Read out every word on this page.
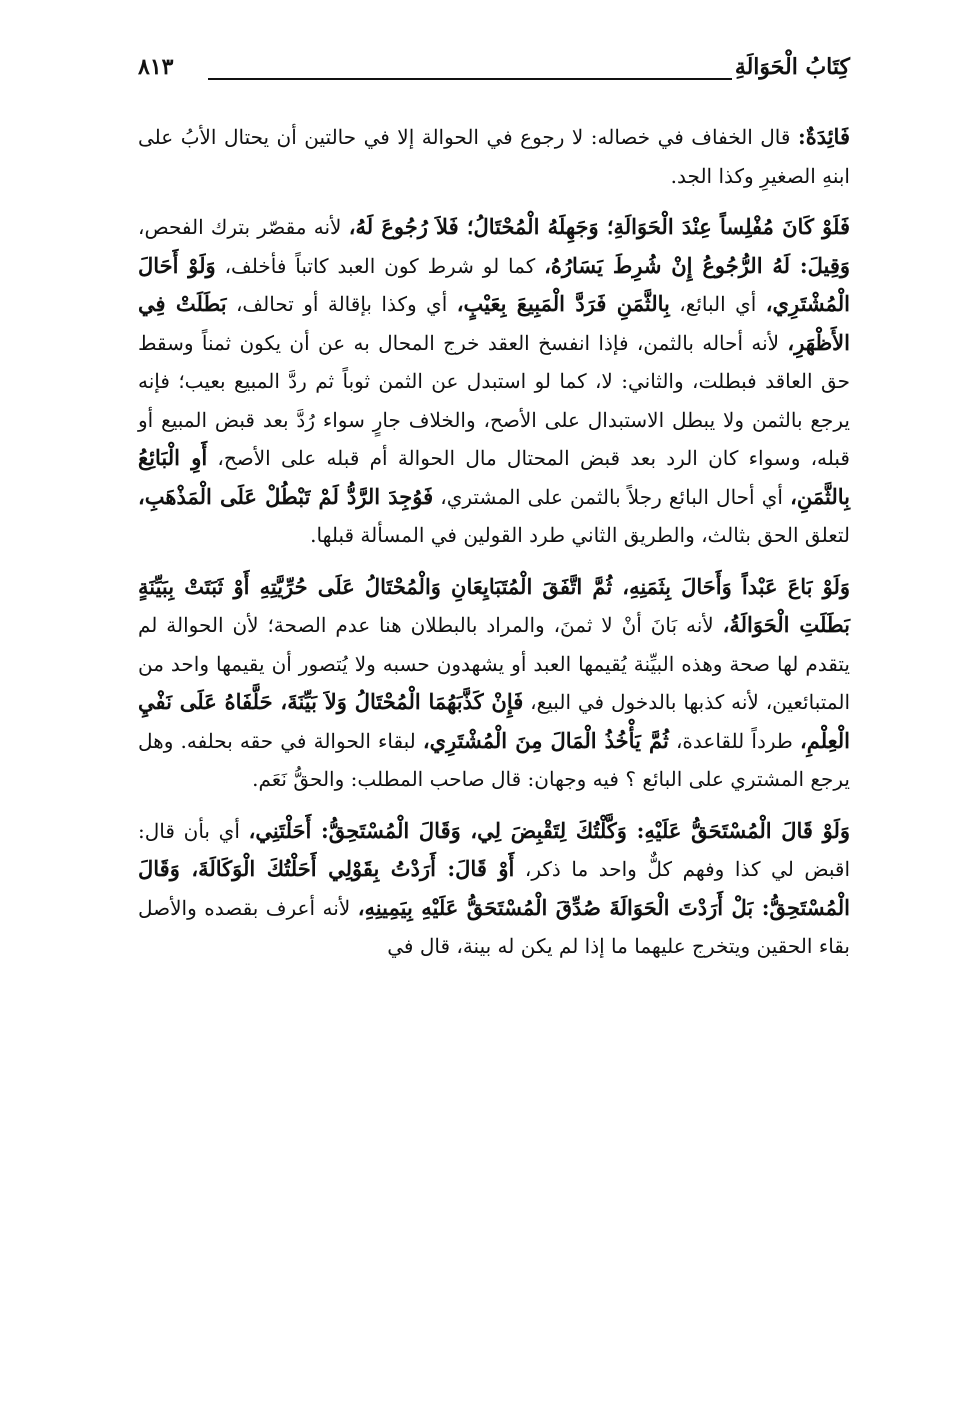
كِتَابُ الْحَوَالَةِ
٨١٣

فَائِدَةٌ: قال الخفاف في خصاله: لا رجوع في الحوالة إلا في حالتين أن يحتال الأبُ على ابنهِ الصغيرِ وكذا الجد.

فَلَوْ كَانَ مُفْلِساً عِنْدَ الْحَوَالَةِ؛ وَجَهِلَهُ الْمُحْتَالُ؛ فَلاَ رُجُوعَ لَهُ، لأنه مقصّر بترك الفحص، وَقِيلَ: لَهُ الرُّجُوعُ إِنْ شُرِطَ يَسَارُهُ، كما لو شرط كون العبد كاتباً فأخلف، وَلَوْ أَحَالَ الْمُشْتَرِي، أي البائع، بِالثَّمَنِ فَرَدَّ الْمَبِيعَ بِعَيْبٍ، أي وكذا بإقالة أو تحالف، بَطَلَتْ فِي الأَظْهَرِ، لأنه أحاله بالثمن، فإذا انفسخ العقد خرج المحال به عن أن يكون ثمناً وسقط حق العاقد فبطلت، والثاني: لا، كما لو استبدل عن الثمن ثوباً ثم ردَّ المبيع بعيب؛ فإنه يرجع بالثمن ولا يبطل الاستبدال على الأصح، والخلاف جارٍ سواء رُدَّ بعد قبض المبيع أو قبله، وسواء كان الرد بعد قبض المحتال مال الحوالة أم قبله على الأصح، أَوِ الْبَائِعُ بِالثَّمَنِ، أي أحال البائع رجلاً بالثمن على المشتري، فَوُجِدَ الرَّدُّ لَمْ تَبْطُلْ عَلَى الْمَذْهَبِ، لتعلق الحق بثالث، والطريق الثاني طرد القولين في المسألة قبلها.

وَلَوْ بَاعَ عَبْداً وَأَحَالَ بِثَمَنِهِ، ثُمَّ اتَّفَقَ الْمُتَبَايِعَانِ وَالْمُحْتَالُ عَلَى حُرِّيَّتِهِ أَوْ ثَبَتَتْ بِبَيِّنَةٍ بَطَلَتِ الْحَوَالَةُ، لأنه بَانَ أنْ لا ثمنَ، والمراد بالبطلان هنا عدم الصحة؛ لأن الحوالة لم يتقدم لها صحة وهذه البيِّنة يُقيمها العبد أو يشهدون حسبه ولا يُتصور أن يقيمها واحد من المتبائعين، لأنه كذبها بالدخول في البيع، فَإِنْ كَذَّبَهُمَا الْمُحْتَالُ وَلاَ بَيِّنَةَ، حَلَّفَاهُ عَلَى نَفْيِ الْعِلْمِ، طرداً للقاعدة، ثُمَّ يَأْخُذُ الْمَالَ مِنَ الْمُشْتَرِي، لبقاء الحوالة في حقه بحلفه. وهل يرجع المشتري على البائع ؟ فيه وجهان: قال صاحب المطلب: والحقُّ نَعَم.

وَلَوْ قَالَ الْمُسْتَحَقُّ عَلَيْهِ: وَكَّلْتُكَ لِتَقْبِضَ لِي، وَقَالَ الْمُسْتَحِقُّ: أَحَلْتَنِي، أي بأن قال: اقبض لي كذا وفهم كلٌّ واحد ما ذكر، أَوْ قَالَ: أَرَدْتُ بِقَوْلِي أَحَلْتُكَ الْوَكَالَةَ، وَقَالَ الْمُسْتَحِقُّ: بَلْ أَرَدْتَ الْحَوَالَةَ صُدِّقَ الْمُسْتَحَقُّ عَلَيْهِ بِيَمِينِهِ، لأنه أعرف بقصده والأصل بقاء الحقين ويتخرج عليهما ما إذا لم يكن له بينة، قال في
